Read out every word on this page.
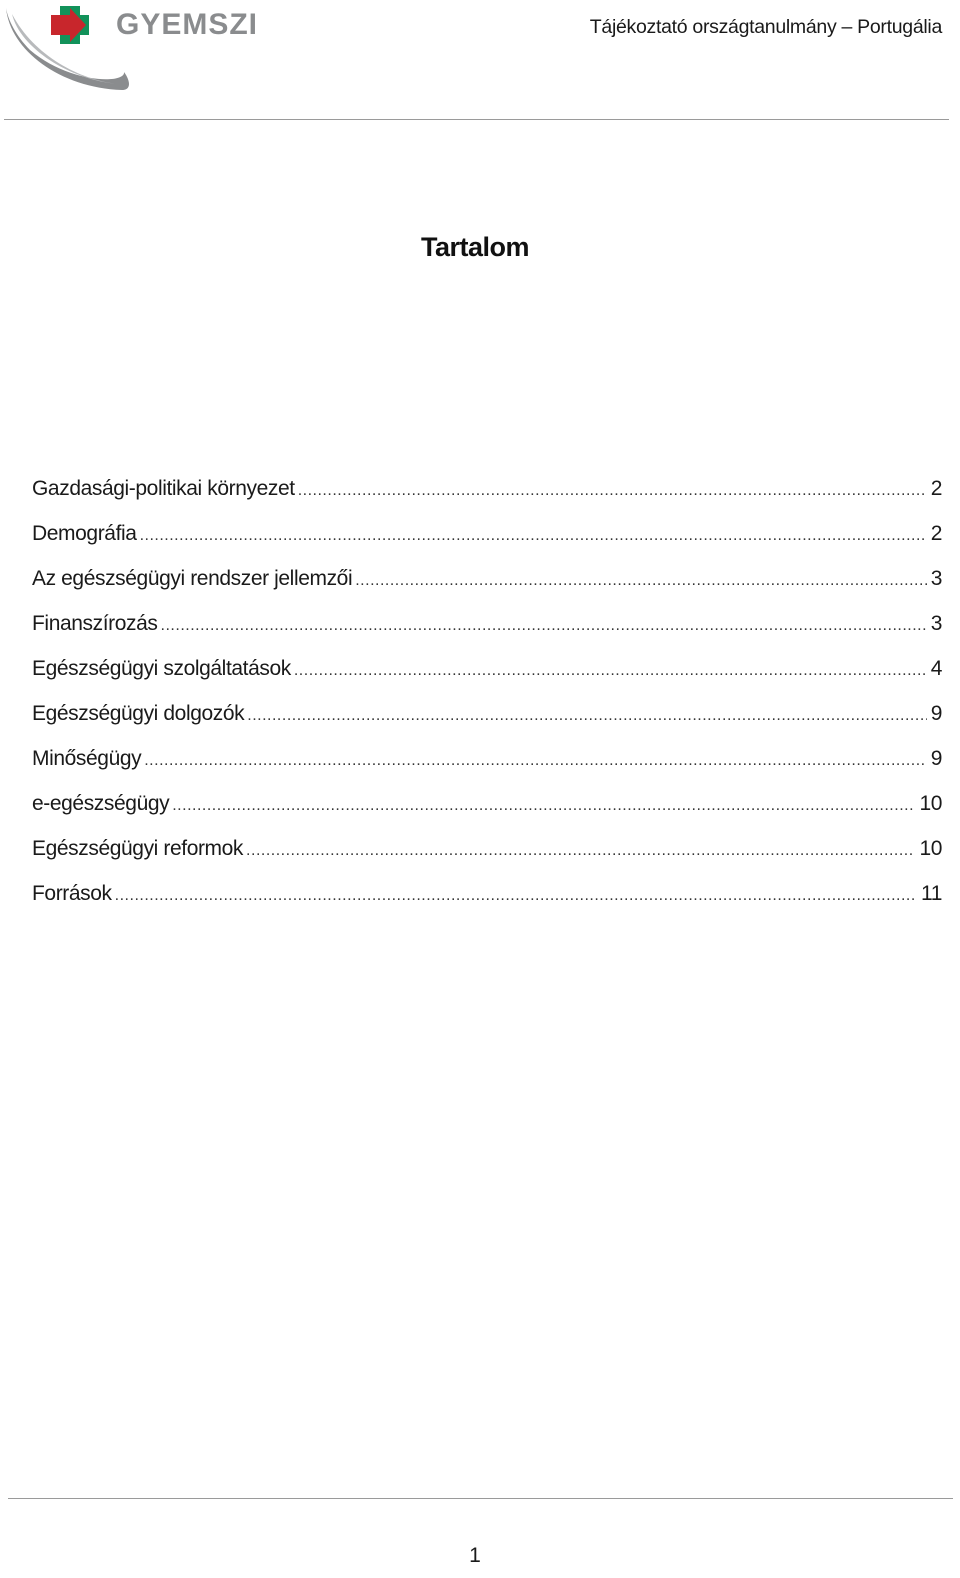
GYEMSZI	Tájékoztató országtanulmány – Portugália
Tartalom
Gazdasági-politikai környezet .....	2
Demográfia .....	2
Az egészségügyi rendszer jellemzői .....	3
Finanszírozás .....	3
Egészségügyi szolgáltatások .....	4
Egészségügyi dolgozók .....	9
Minőségügy .....	9
e-egészségügy .....	10
Egészségügyi reformok .....	10
Források .....	11
1
